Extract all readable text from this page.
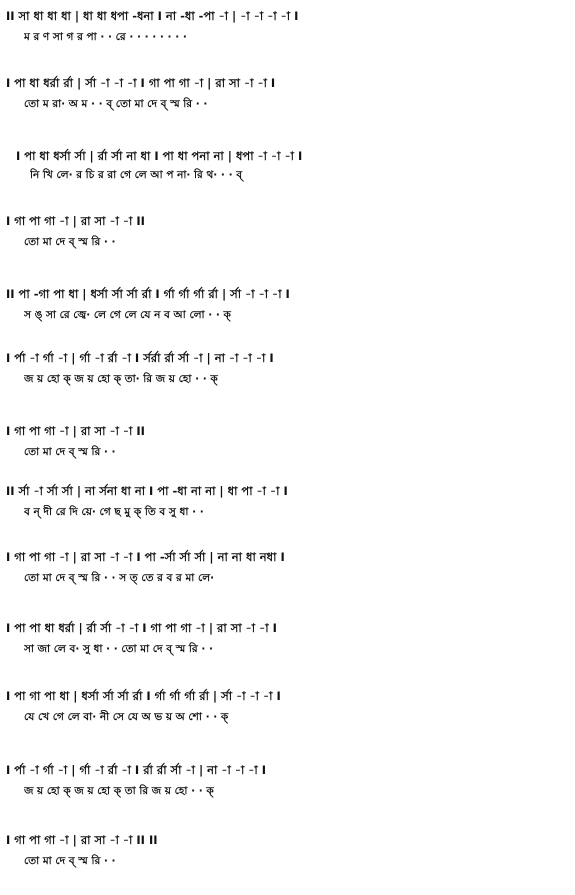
II সা ধা ধা ধা | ধা ধা ধপা -ধনা I না -ধা -পা -া | -া -া -া -া I
ম র ণ সা গ র পা · · রে · · · · · · · ·
I পা ধা ধর্রা র্রা | র্সা -া -া -া I গা পা গা -া | রা সা -া -া I
তো ম রা· অ ম · · ব্ তো মা দে ব্ স্ম রি · ·
I পা ধা ধর্সা র্সা | র্রা র্সা না ধা I পা ধা পনা না | ধপা -া -া -া I
নি খি লে· র চি র রা গে লে আ প না· রি থ· · · ব্
I গা পা গা -া | রা সা -া -া II
তো মা দে ব্ স্ম রি · ·
II পা -গা পা ধা | ধর্সা র্সা র্সা র্রা I র্গা র্গা র্গা র্রা | র্সা -া -া -া I
স ঙ্ সা রে জ্বে· লে গে লে যে ন ব আ লো · · ক্
I র্পা -া র্গা -া | র্গা -া র্রা -া I র্সর্রা র্রা র্সা -া | না -া -া -া I
জ য় হো ক্ জ য় হো ক্ তা· রি জ য় হো · · ক্
I গা পা গা -া | রা সা -া -া II
তো মা দে ব্ স্ম রি · ·
II র্সা -া র্সা র্সা | না র্সনা ধা না I পা -ধা না না | ধা পা -া -া I
ব ন্ দী রে দি য়ে· গে ছ মু ক্ তি ব সু ধা · ·
I গা পা গা -া | রা সা -া -া I পা -র্সা র্সা র্সা | না না ধা নধা I
তো মা দে ব্ স্ম রি · · স ত্ তে র ব র মা লে·
I পা পা ধা ধর্রা | র্রা র্সা -া -া I গা পা গা -া | রা সা -া -া I
সা জা লে ব· সু ধা · · তো মা দে ব্ স্ম রি · ·
I পা গা পা ধা | ধর্সা র্সা র্সা র্রা I র্গা র্গা র্গা র্রা | র্সা -া -া -া I
যে খে গে লে বা· নী সে যে অ ভ য় অ শো · · ক্
I র্পা -া র্গা -া | র্গা -া র্রা -া I র্রা র্রা র্সা -া | না -া -া -া I
জ য় হো ক্ জ য় হো ক্ তা রি জ য় হো · · ক্
I গা পা গা -া | রা সা -া -া II II
তো মা দে ব্ স্ম রি · ·
